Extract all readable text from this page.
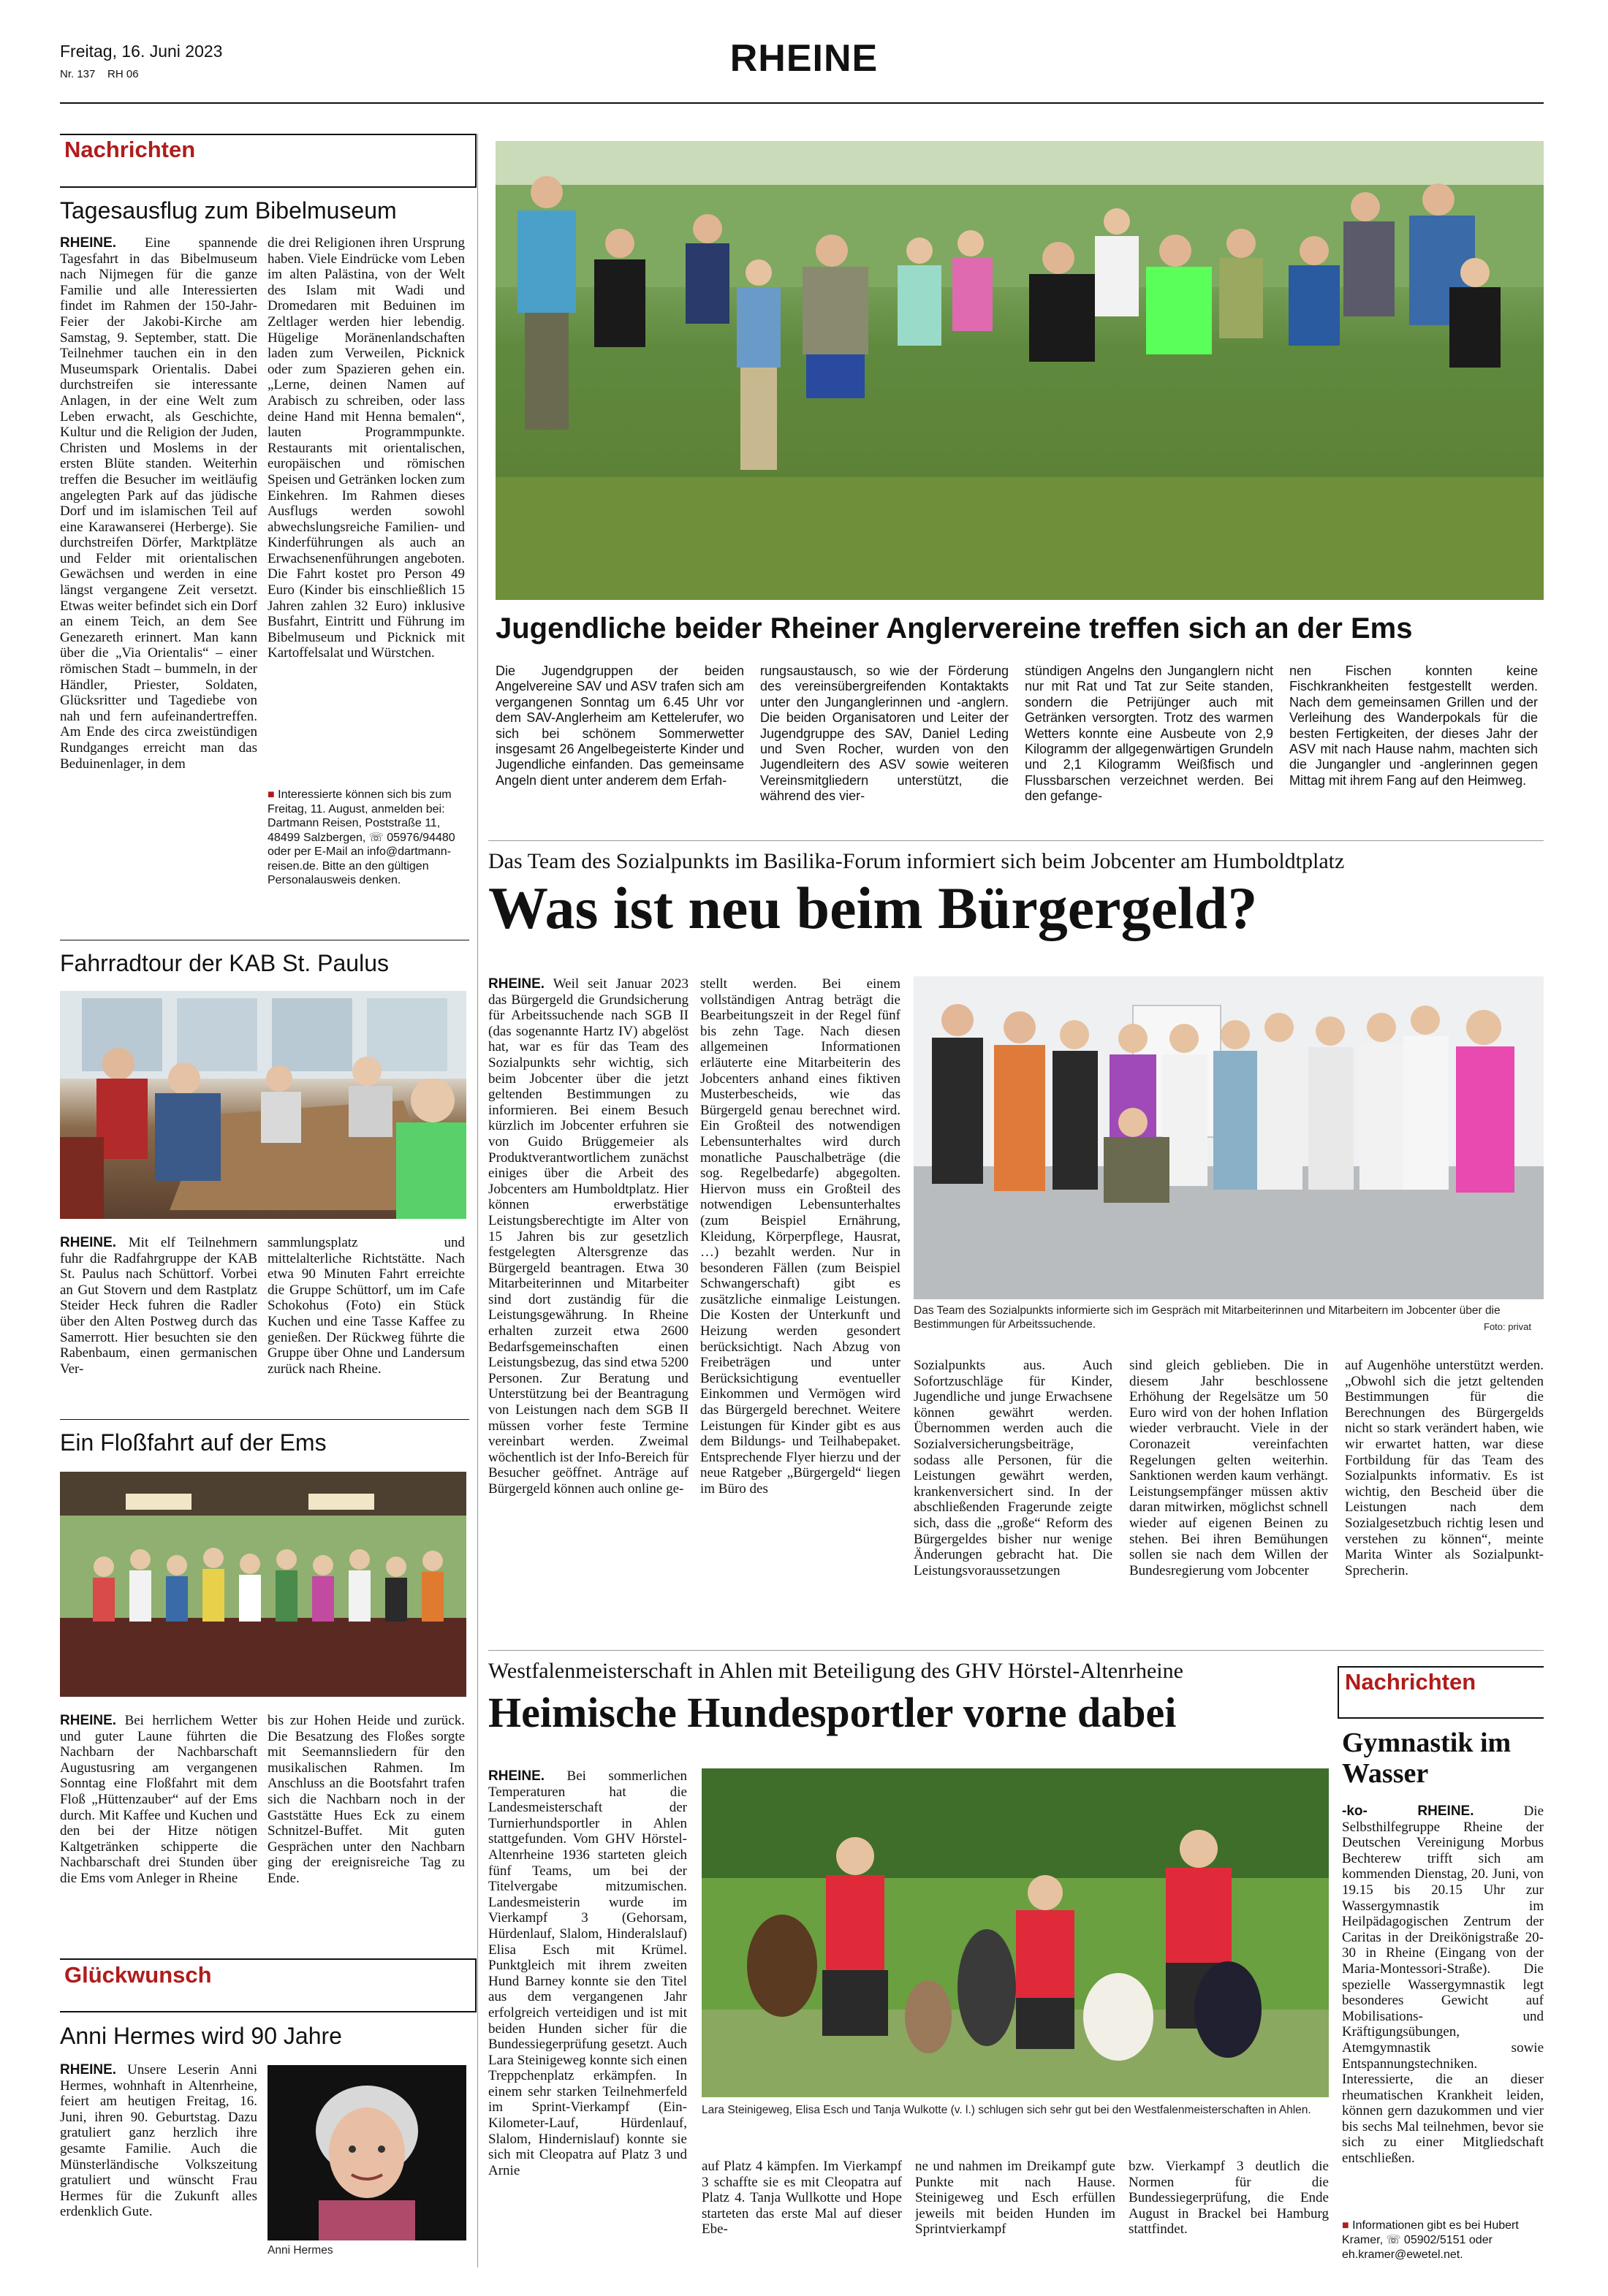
Freitag, 16. Juni 2023
Nr. 137 RH 06	RHEINE
Nachrichten
Tagesausflug zum Bibelmuseum

RHEINE. Eine spannende Tagesfahrt in das Bibelmuseum nach Nijmegen für die ganze Familie und alle Interessierten findet im Rahmen der 150-Jahr-Feier der Jakobi-Kirche am Samstag, 9. September, statt. Die Teilnehmer tauchen ein in den Museumspark Orientalis. Dabei durchstreifen sie interessante Anlagen, in der eine Welt zum Leben erwacht, als Geschichte, Kultur und die Religion der Juden, Christen und Moslems in der ersten Blüte standen. Weiterhin treffen die Besucher im weitläufig angelegten Park auf das jüdische Dorf und im islamischen Teil auf eine Karawanserei (Herberge). Sie durchstreifen Dörfer, Marktplätze und Felder mit orientalischen Gewächsen und werden in eine längst vergangene Zeit versetzt. Etwas weiter befindet sich ein Dorf an einem Teich, an dem See Genezareth erinnert. Man kann über die „Via Orientalis“ – einer römischen Stadt – bummeln, in der Händler, Priester, Soldaten, Glücksritter und Tagediebe von nah und fern aufeinandertreffen. Am Ende des circa zweistündigen Rundganges erreicht man das Beduinenlager, in dem

die drei Religionen ihren Ursprung haben. Viele Eindrücke vom Leben im alten Palästina, von der Welt des Islam mit Wadi und Dromedaren mit Beduinen im Zeltlager werden hier lebendig. Hügelige Moränenlandschaften laden zum Verweilen, Picknick oder zum Spazieren gehen ein. „Lerne, deinen Namen auf Arabisch zu schreiben, oder lass deine Hand mit Henna bemalen“, lauten Programmpunkte. Restaurants mit orientalischen, europäischen und römischen Speisen und Getränken locken zum Einkehren. Im Rahmen dieses Ausflugs werden sowohl abwechslungsreiche Familien- und Kinderführungen als auch an Erwachsenenführungen angeboten. Die Fahrt kostet pro Person 49 Euro (Kinder bis einschließlich 15 Jahren zahlen 32 Euro) inklusive Busfahrt, Eintritt und Führung im Bibelmuseum und Picknick mit Kartoffelsalat und Würstchen.

■ Interessierte können sich bis zum Freitag, 11. August, anmelden bei: Dartmann Reisen, Poststraße 11, 48499 Salzbergen, ☏ 05976/94480 oder per E-Mail an info@dartmann-reisen.de. Bitte an den gültigen Personalausweis denken.
Fahrradtour der KAB St. Paulus

RHEINE. Mit elf Teilnehmern fuhr die Radfahrgruppe der KAB St. Paulus nach Schüttorf. Vorbei an Gut Stovern und dem Rastplatz Steider Heck fuhren die Radler über den Alten Postweg durch das Samerrott. Hier besuchten sie den Rabenbaum, einen germanischen Ver-

sammlungsplatz und mittelalterliche Richtstätte. Nach etwa 90 Minuten Fahrt erreichte die Gruppe Schüttorf, um im Cafe Schokohus (Foto) ein Stück Kuchen und eine Tasse Kaffee zu genießen. Der Rückweg führte die Gruppe über Ohne und Landersum zurück nach Rheine.

Ein Floßfahrt auf der Ems

RHEINE. Bei herrlichem Wetter und guter Laune führten die Nachbarn der Nachbarschaft Augustusring am vergangenen Sonntag eine Floßfahrt mit dem Floß „Hüttenzauber“ auf der Ems durch. Mit Kaffee und Kuchen und den bei der Hitze nötigen Kaltgetränken schipperte die Nachbarschaft drei Stunden über die Ems vom Anleger in Rheine

bis zur Hohen Heide und zurück. Die Besatzung des Floßes sorgte mit Seemannsliedern für den musikalischen Rahmen. Im Anschluss an die Bootsfahrt trafen sich die Nachbarn noch in der Gaststätte Hues Eck zu einem Schnitzel-Buffet. Mit guten Gesprächen unter den Nachbarn ging der ereignisreiche Tag zu Ende.

Glückwunsch
Anni Hermes wird 90 Jahre

RHEINE. Unsere Leserin Anni Hermes, wohnhaft in Altenrheine, feiert am heutigen Freitag, 16. Juni, ihren 90. Geburtstag. Dazu gratuliert ganz herzlich ihre gesamte Familie. Auch die Münsterländische Volkszeitung gratuliert und wünscht Frau Hermes für die Zukunft alles erdenklich Gute.

Anni Hermes
Jugendliche beider Rheiner Anglervereine treffen sich an der Ems

Die Jugendgruppen der beiden Angelvereine SAV und ASV trafen sich am vergangenen Sonntag um 6.45 Uhr vor dem SAV-Anglerheim am Kettelerufer, wo sich bei schönem Sommerwetter insgesamt 26 Angelbegeisterte Kinder und Jugendliche einfanden. Das gemeinsame Angeln dient unter anderem dem Erfah-

rungsaustausch, so wie der Förderung des vereinsübergreifenden Kontaktakts unter den Junganglerinnen und -anglern. Die beiden Organisatoren und Leiter der Jugendgruppe des SAV, Daniel Leding und Sven Rocher, wurden von den Jugendleitern des ASV sowie weiteren Vereinsmitgliedern unterstützt, die während des vier-

stündigen Angelns den Junganglern nicht nur mit Rat und Tat zur Seite standen, sondern die Petrijünger auch mit Getränken versorgten. Trotz des warmen Wetters konnte eine Ausbeute von 2,9 Kilogramm der allgegenwärtigen Grundeln und 2,1 Kilogramm Weißfisch und Flussbarschen verzeichnet werden. Bei den gefange-

nen Fischen konnten keine Fischkrankheiten festgestellt werden. Nach dem gemeinsamen Grillen und der Verleihung des Wanderpokals für die besten Fertigkeiten, der dieses Jahr der ASV mit nach Hause nahm, machten sich die Jungangler und -anglerinnen gegen Mittag mit ihrem Fang auf den Heimweg.

Das Team des Sozialpunkts im Basilika-Forum informiert sich beim Jobcenter am Humboldtplatz
Was ist neu beim Bürgergeld?

RHEINE. Weil seit Januar 2023 das Bürgergeld die Grundsicherung für Arbeitssuchende nach SGB II (das sogenannte Hartz IV) abgelöst hat, war es für das Team des Sozialpunkts sehr wichtig, sich beim Jobcenter über die jetzt geltenden Bestimmungen zu informieren. Bei einem Besuch kürzlich im Jobcenter erfuhren sie von Guido Brüggemeier als Produktverantwortlichem zunächst einiges über die Arbeit des Jobcenters am Humboldtplatz. Hier können erwerbstätige Leistungsberechtigte im Alter von 15 Jahren bis zur gesetzlich festgelegten Altersgrenze das Bürgergeld beantragen. Etwa 30 Mitarbeiterinnen und Mitarbeiter sind dort zuständig für die Leistungsgewährung. In Rheine erhalten zurzeit etwa 2600 Bedarfsgemeinschaften einen Leistungsbezug, das sind etwa 5200 Personen. Zur Beratung und Unterstützung bei der Beantragung von Leistungen nach dem SGB II müssen vorher feste Termine vereinbart werden. Zweimal wöchentlich ist der Info-Bereich für Besucher geöffnet. Anträge auf Bürgergeld können auch online ge-

stellt werden. Bei einem vollständigen Antrag beträgt die Bearbeitungszeit in der Regel fünf bis zehn Tage. Nach diesen allgemeinen Informationen erläuterte eine Mitarbeiterin des Jobcenters anhand eines fiktiven Musterbescheids, wie das Bürgergeld genau berechnet wird. Ein Großteil des notwendigen Lebensunterhaltes wird durch monatliche Pauschalbeträge (die sog. Regelbedarfe) abgegolten. Hiervon muss ein Großteil des notwendigen Lebensunterhaltes (zum Beispiel Ernährung, Kleidung, Körperpflege, Hausrat, …) bezahlt werden. Nur in besonderen Fällen (zum Beispiel Schwangerschaft) gibt es zusätzliche einmalige Leistungen. Die Kosten der Unterkunft und Heizung werden gesondert berücksichtigt. Nach Abzug von Freibeträgen und unter Berücksichtigung eventueller Einkommen und Vermögen wird das Bürgergeld berechnet. Weitere Leistungen für Kinder gibt es aus dem Bildungs- und Teilhabepaket. Entsprechende Flyer hierzu und der neue Ratgeber „Bürgergeld“ liegen im Büro des

Das Team des Sozialpunkts informierte sich im Gespräch mit Mitarbeiterinnen und Mitarbeitern im Jobcenter über die Bestimmungen für Arbeitssuchende.	Foto: privat

Sozialpunkts aus. Auch Sofortzuschläge für Kinder, Jugendliche und junge Erwachsene können gewährt werden. Übernommen werden auch die Sozialversicherungsbeiträge, sodass alle Personen, für die Leistungen gewährt werden, krankenversichert sind. In der abschließenden Fragerunde zeigte sich, dass die „große“ Reform des Bürgergeldes bisher nur wenige Änderungen gebracht hat. Die Leistungsvoraussetzungen

sind gleich geblieben. Die in diesem Jahr beschlossene Erhöhung der Regelsätze um 50 Euro wird von der hohen Inflation wieder verbraucht. Viele in der Coronazeit vereinfachten Regelungen gelten weiterhin. Sanktionen werden kaum verhängt. Leistungsempfänger müssen aktiv daran mitwirken, möglichst schnell wieder auf eigenen Beinen zu stehen. Bei ihren Bemühungen sollen sie nach dem Willen der Bundesregierung vom Jobcenter

auf Augenhöhe unterstützt werden. „Obwohl sich die jetzt geltenden Bestimmungen für die Berechnungen des Bürgergelds nicht so stark verändert haben, wie wir erwartet hatten, war diese Fortbildung für das Team des Sozialpunkts informativ. Es ist wichtig, den Bescheid über die Leistungen nach dem Sozialgesetzbuch richtig lesen und verstehen zu können“, meinte Marita Winter als Sozialpunkt-Sprecherin.

Westfalenmeisterschaft in Ahlen mit Beteiligung des GHV Hörstel-Altenrheine
Heimische Hundesportler vorne dabei

RHEINE. Bei sommerlichen Temperaturen hat die Landesmeisterschaft der Turnierhundsportler in Ahlen stattgefunden. Vom GHV Hörstel-Altenrheine 1936 starteten gleich fünf Teams, um bei der Titelvergabe mitzumischen. Landesmeisterin wurde im Vierkampf 3 (Gehorsam, Hürdenlauf, Slalom, Hinderalslauf) Elisa Esch mit Krümel. Punktgleich mit ihrem zweiten Hund Barney konnte sie den Titel aus dem vergangenen Jahr erfolgreich verteidigen und ist mit beiden Hunden sicher für die Bundessiegerprüfung gesetzt. Auch Lara Steinigeweg konnte sich einen Treppchenplatz erkämpfen. In einem sehr starken Teilnehmerfeld im Sprint-Vierkampf (Ein-Kilometer-Lauf, Hürdenlauf, Slalom, Hindernislauf) konnte sie sich mit Cleopatra auf Platz 3 und Arnie

Lara Steinigeweg, Elisa Esch und Tanja Wulkotte (v. l.) schlugen sich sehr gut bei den Westfalenmeisterschaften in Ahlen.

auf Platz 4 kämpfen. Im Vierkampf 3 schaffte sie es mit Cleopatra auf Platz 4. Tanja Wullkotte und Hope starteten das erste Mal auf dieser Ebe-

ne und nahmen im Dreikampf gute Punkte mit nach Hause. Steinigeweg und Esch erfüllen jeweils mit beiden Hunden im Sprintvierkampf

bzw. Vierkampf 3 deutlich die Normen für die Bundessiegerprüfung, die Ende August in Brackel bei Hamburg stattfindet.

Nachrichten
Gymnastik im Wasser

-ko- RHEINE.	Die Selbsthilfegruppe Rheine der Deutschen Vereinigung Morbus Bechterew trifft sich am kommenden Dienstag, 20. Juni, von 19.15 bis 20.15 Uhr zur Wassergymnastik im Heilpädagogischen Zentrum der Caritas in der Dreikönigstraße 20-30 in Rheine (Eingang von der Maria-Montessori-Straße). Die spezielle Wassergymnastik legt besonderes Gewicht auf Mobilisations- und Kräftigungsübungen, Atemgymnastik sowie Entspannungstechniken. Interessierte, die an dieser rheumatischen Krankheit leiden, können gern dazukommen und vier bis sechs Mal teilnehmen, bevor sie sich zu einer Mitgliedschaft entschließen.

■ Informationen gibt es bei Hubert Kramer, ☏ 05902/5151 oder eh.kramer@ewetel.net.
